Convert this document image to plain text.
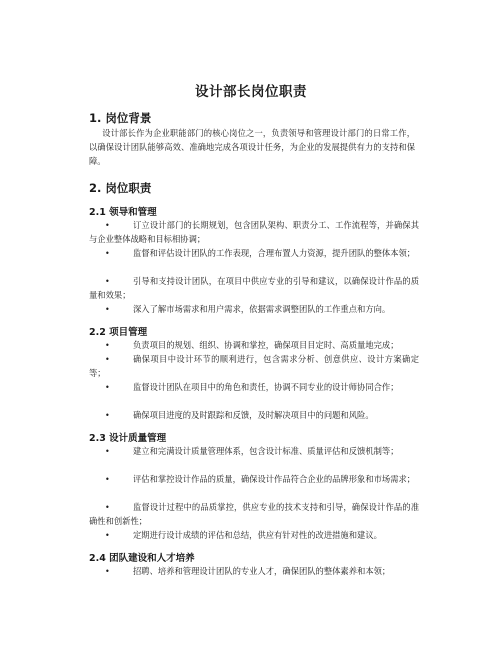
设计部长岗位职责
1. 岗位背景

设计部长作为企业职能部门的核心岗位之一，负责领导和管理设计部门的日常工作，以确保设计团队能够高效、准确地完成各项设计任务，为企业的发展提供有力的支持和保障。

2. 岗位职责
2.1 领导和管理
•	订立设计部门的长期规划，包含团队架构、职责分工、工作流程等，并确保其与企业整体战略和目标相协调；
•	监督和评估设计团队的工作表现，合理布置人力资源，提升团队的整体本领；
•	引导和支持设计团队，在项目中供应专业的引导和建议，以确保设计作品的质量和效果；
•	深入了解市场需求和用户需求，依据需求调整团队的工作重点和方向。
2.2 项目管理
•	负责项目的规划、组织、协调和掌控，确保项目目定时、高质量地完成；
•	确保项目中设计环节的顺利进行，包含需求分析、创意供应、设计方案确定等；
•	监督设计团队在项目中的角色和责任，协调不同专业的设计师协同合作；
•	确保项目进度的及时跟踪和反馈，及时解决项目中的问题和风险。
2.3 设计质量管理
•	建立和完满设计质量管理体系，包含设计标准、质量评估和反馈机制等；
•	评估和掌控设计作品的质量，确保设计作品符合企业的品牌形象和市场需求；
•	监督设计过程中的品质掌控，供应专业的技术支持和引导，确保设计作品的准确性和创新性；
•	定期进行设计成绩的评估和总结，供应有针对性的改进措施和建议。
2.4 团队建设和人才培养
•	招聘、培养和管理设计团队的专业人才，确保团队的整体素养和本领；
